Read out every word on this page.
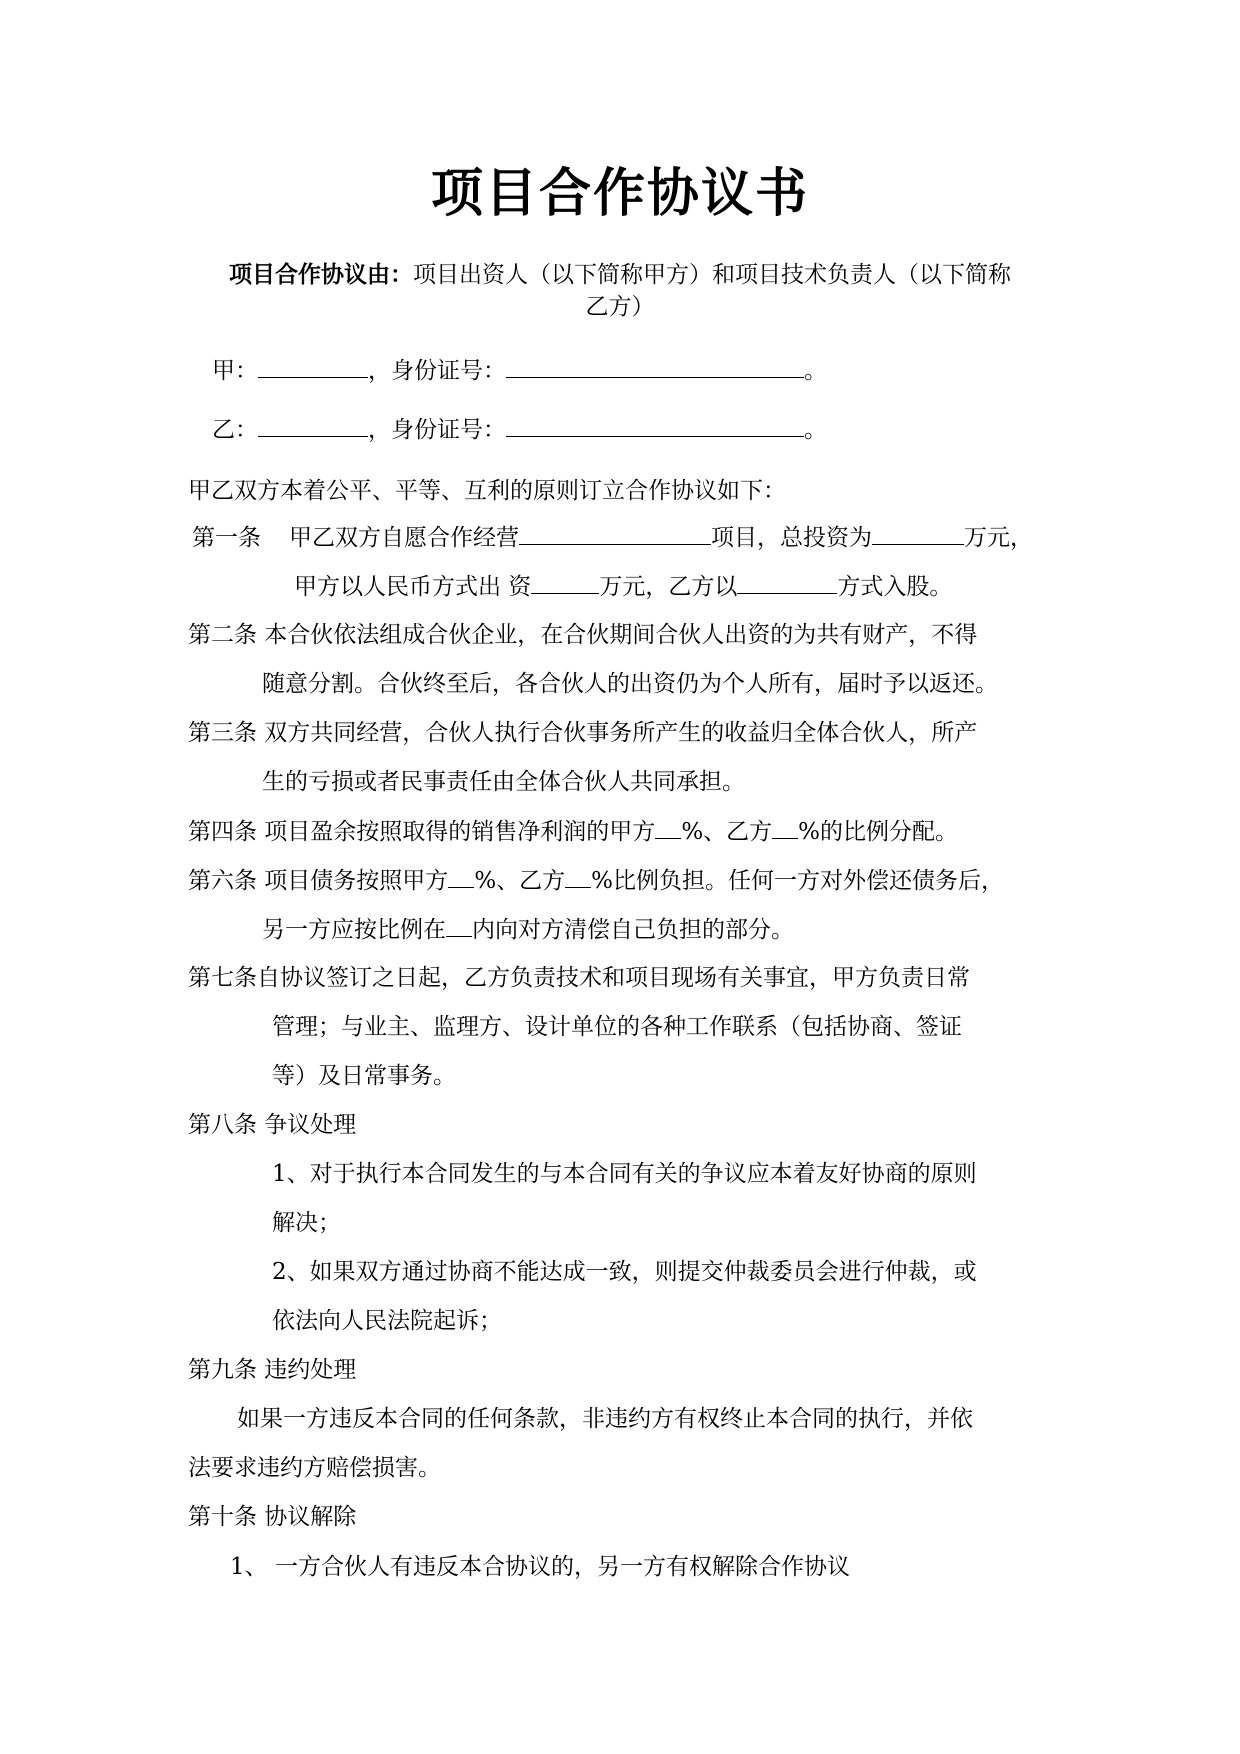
项目合作协议书
项目合作协议由：项目出资人（以下简称甲方）和项目技术负责人（以下简称
乙方）
甲：	，身份证号：	。
乙：	，身份证号：	。
甲乙双方本着公平、平等、互利的原则订立合作协议如下：
第一条 甲乙双方自愿合作经营	项目，总投资为	万元，
甲方以人民币方式出 资	万元，乙方以	方式入股。
第二条 本合伙依法组成合伙企业，在合伙期间合伙人出资的为共有财产，不得
随意分割。合伙终至后，各合伙人的出资仍为个人所有，届时予以返还。
第三条 双方共同经营，合伙人执行合伙事务所产生的收益归全体合伙人，所产
生的亏损或者民事责任由全体合伙人共同承担。
第四条 项目盈余按照取得的销售净利润的甲方 %、乙方 %的比例分配。
第六条 项目债务按照甲方 %、乙方 %比例负担。任何一方对外偿还债务后，
另一方应按比例在 内向对方清偿自己负担的部分。
第七条自协议签订之日起，乙方负责技术和项目现场有关事宜，甲方负责日常
管理；与业主、监理方、设计单位的各种工作联系（包括协商、签证
等）及日常事务。
第八条 争议处理
1、对于执行本合同发生的与本合同有关的争议应本着友好协商的原则
解决；
2、如果双方通过协商不能达成一致，则提交仲裁委员会进行仲裁，或
依法向人民法院起诉；
第九条 违约处理
如果一方违反本合同的任何条款，非违约方有权终止本合同的执行，并依
法要求违约方赔偿损害。
第十条 协议解除
1、 一方合伙人有违反本合协议的，另一方有权解除合作协议
